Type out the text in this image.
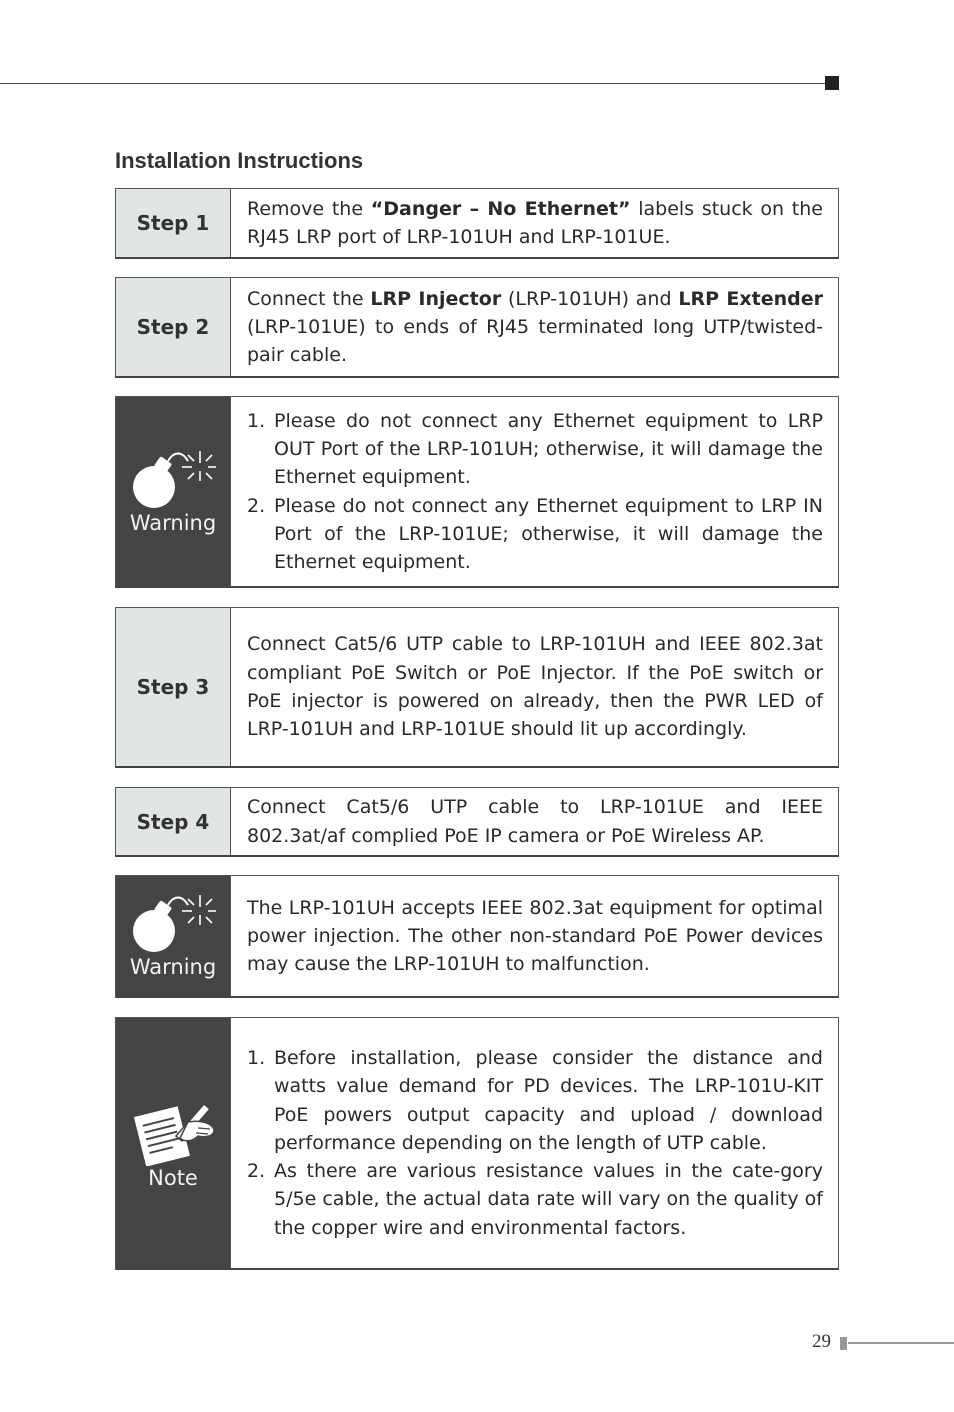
Installation Instructions
Step 1
Remove the “Danger – No Ethernet” labels stuck on the RJ45 LRP port of LRP-101UH and LRP-101UE.
Step 2
Connect the LRP Injector (LRP-101UH) and LRP Extender (LRP-101UE) to ends of RJ45 terminated long UTP/twisted-pair cable.
Warning
1. Please do not connect any Ethernet equipment to LRP OUT Port of the LRP-101UH; otherwise, it will damage the Ethernet equipment.
2. Please do not connect any Ethernet equipment to LRP IN Port of the LRP-101UE; otherwise, it will damage the Ethernet equipment.
Step 3
Connect Cat5/6 UTP cable to LRP-101UH and IEEE 802.3at compliant PoE Switch or PoE Injector. If the PoE switch or PoE injector is powered on already, then the PWR LED of LRP-101UH and LRP-101UE should lit up accordingly.
Step 4
Connect Cat5/6 UTP cable to LRP-101UE and IEEE 802.3at/af complied PoE IP camera or PoE Wireless AP.
Warning
The LRP-101UH accepts IEEE 802.3at equipment for optimal power injection. The other non-standard PoE Power devices may cause the LRP-101UH to malfunction.
Note
1. Before installation, please consider the distance and watts value demand for PD devices. The LRP-101U-KIT PoE powers output capacity and upload / download performance depending on the length of UTP cable.
2. As there are various resistance values in the cate-gory 5/5e cable, the actual data rate will vary on the quality of the copper wire and environmental factors.
29
